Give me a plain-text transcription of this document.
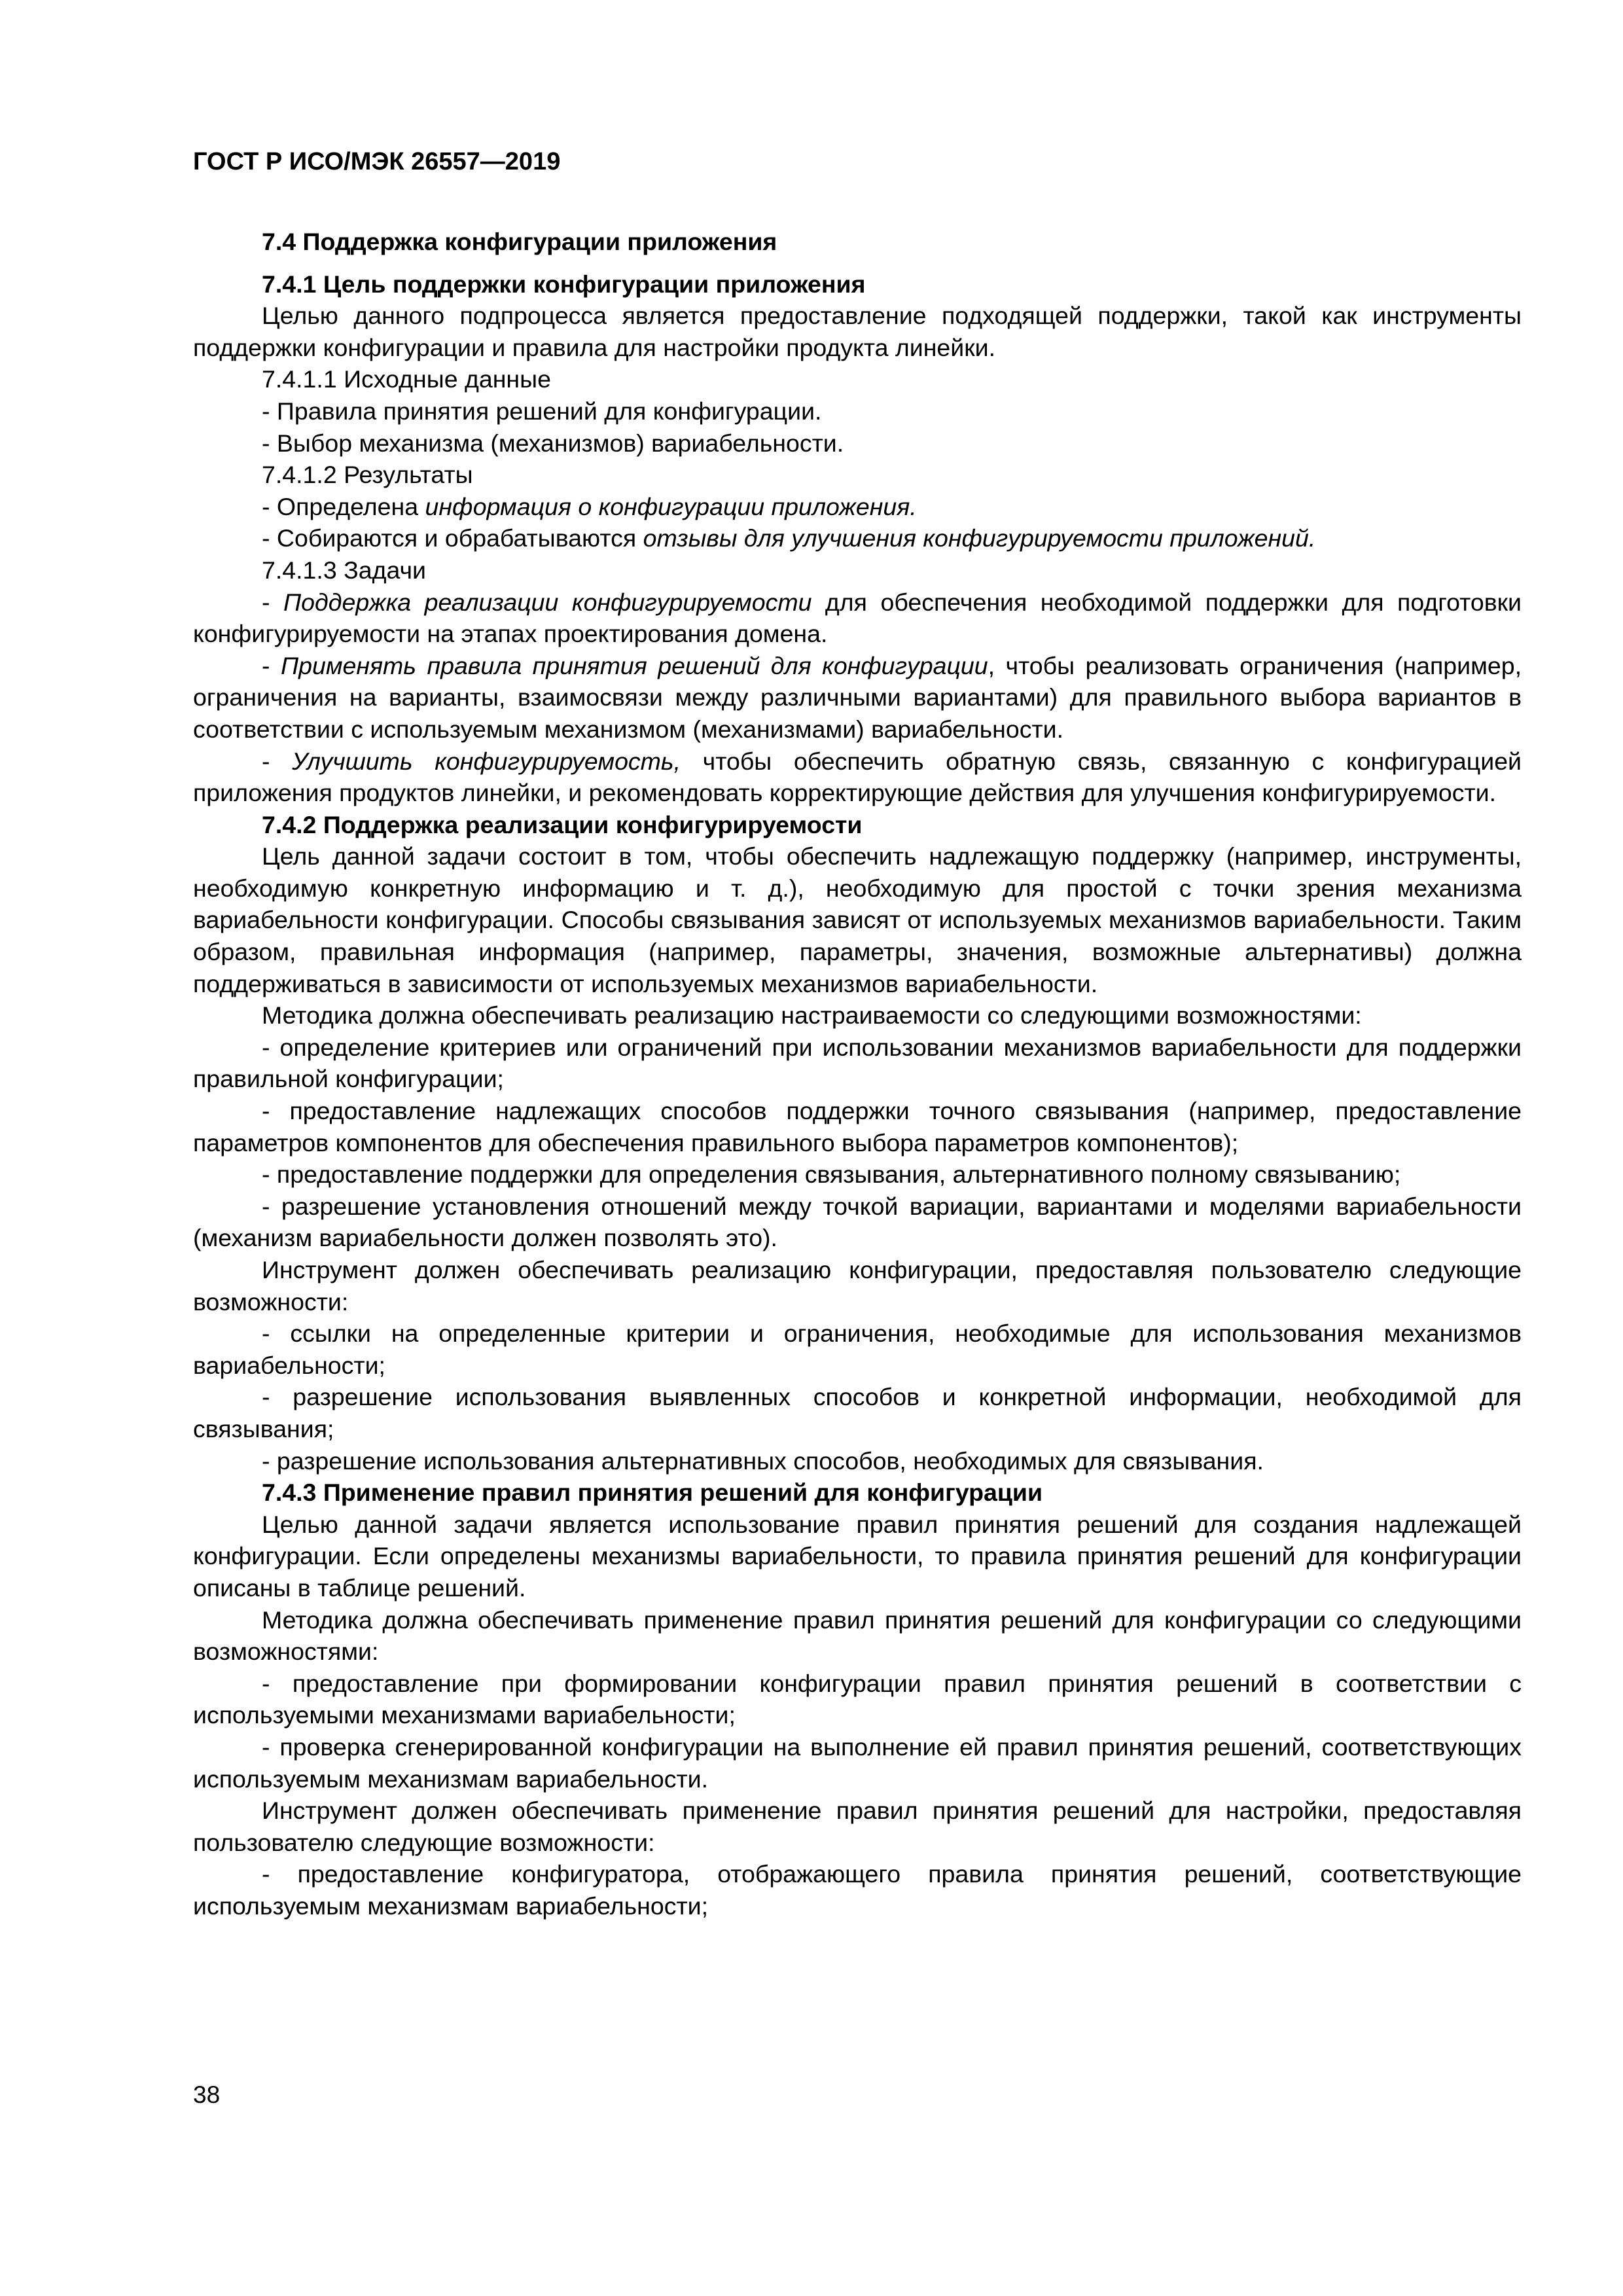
ГОСТ Р ИСО/МЭК 26557—2019

7.4 Поддержка конфигурации приложения

7.4.1 Цель поддержки конфигурации приложения

Целью данного подпроцесса является предоставление подходящей поддержки, такой как инструменты поддержки конфигурации и правила для настройки продукта линейки.

7.4.1.1 Исходные данные

- Правила принятия решений для конфигурации.

- Выбор механизма (механизмов) вариабельности.

7.4.1.2 Результаты

- Определена информация о конфигурации приложения.

- Собираются и обрабатываются отзывы для улучшения конфигурируемости приложений.

7.4.1.3 Задачи

- Поддержка реализации конфигурируемости для обеспечения необходимой поддержки для подготовки конфигурируемости на этапах проектирования домена.

- Применять правила принятия решений для конфигурации, чтобы реализовать ограничения (например, ограничения на варианты, взаимосвязи между различными вариантами) для правильного выбора вариантов в соответствии с используемым механизмом (механизмами) вариабельности.

- Улучшить конфигурируемость, чтобы обеспечить обратную связь, связанную с конфигурацией приложения продуктов линейки, и рекомендовать корректирующие действия для улучшения конфигурируемости.

7.4.2 Поддержка реализации конфигурируемости

Цель данной задачи состоит в том, чтобы обеспечить надлежащую поддержку (например, инструменты, необходимую конкретную информацию и т. д.), необходимую для простой с точки зрения механизма вариабельности конфигурации. Способы связывания зависят от используемых механизмов вариабельности. Таким образом, правильная информация (например, параметры, значения, возможные альтернативы) должна поддерживаться в зависимости от используемых механизмов вариабельности.

Методика должна обеспечивать реализацию настраиваемости со следующими возможностями:

- определение критериев или ограничений при использовании механизмов вариабельности для поддержки правильной конфигурации;

- предоставление надлежащих способов поддержки точного связывания (например, предоставление параметров компонентов для обеспечения правильного выбора параметров компонентов);

- предоставление поддержки для определения связывания, альтернативного полному связыванию;

- разрешение установления отношений между точкой вариации, вариантами и моделями вариабельности (механизм вариабельности должен позволять это).

Инструмент должен обеспечивать реализацию конфигурации, предоставляя пользователю следующие возможности:

- ссылки на определенные критерии и ограничения, необходимые для использования механизмов вариабельности;

- разрешение использования выявленных способов и конкретной информации, необходимой для связывания;

- разрешение использования альтернативных способов, необходимых для связывания.

7.4.3 Применение правил принятия решений для конфигурации

Целью данной задачи является использование правил принятия решений для создания надлежащей конфигурации. Если определены механизмы вариабельности, то правила принятия решений для конфигурации описаны в таблице решений.

Методика должна обеспечивать применение правил принятия решений для конфигурации со следующими возможностями:

- предоставление при формировании конфигурации правил принятия решений в соответствии с используемыми механизмами вариабельности;

- проверка сгенерированной конфигурации на выполнение ей правил принятия решений, соответствующих используемым механизмам вариабельности.

Инструмент должен обеспечивать применение правил принятия решений для настройки, предоставляя пользователю следующие возможности:

- предоставление конфигуратора, отображающего правила принятия решений, соответствующие используемым механизмам вариабельности;

38
